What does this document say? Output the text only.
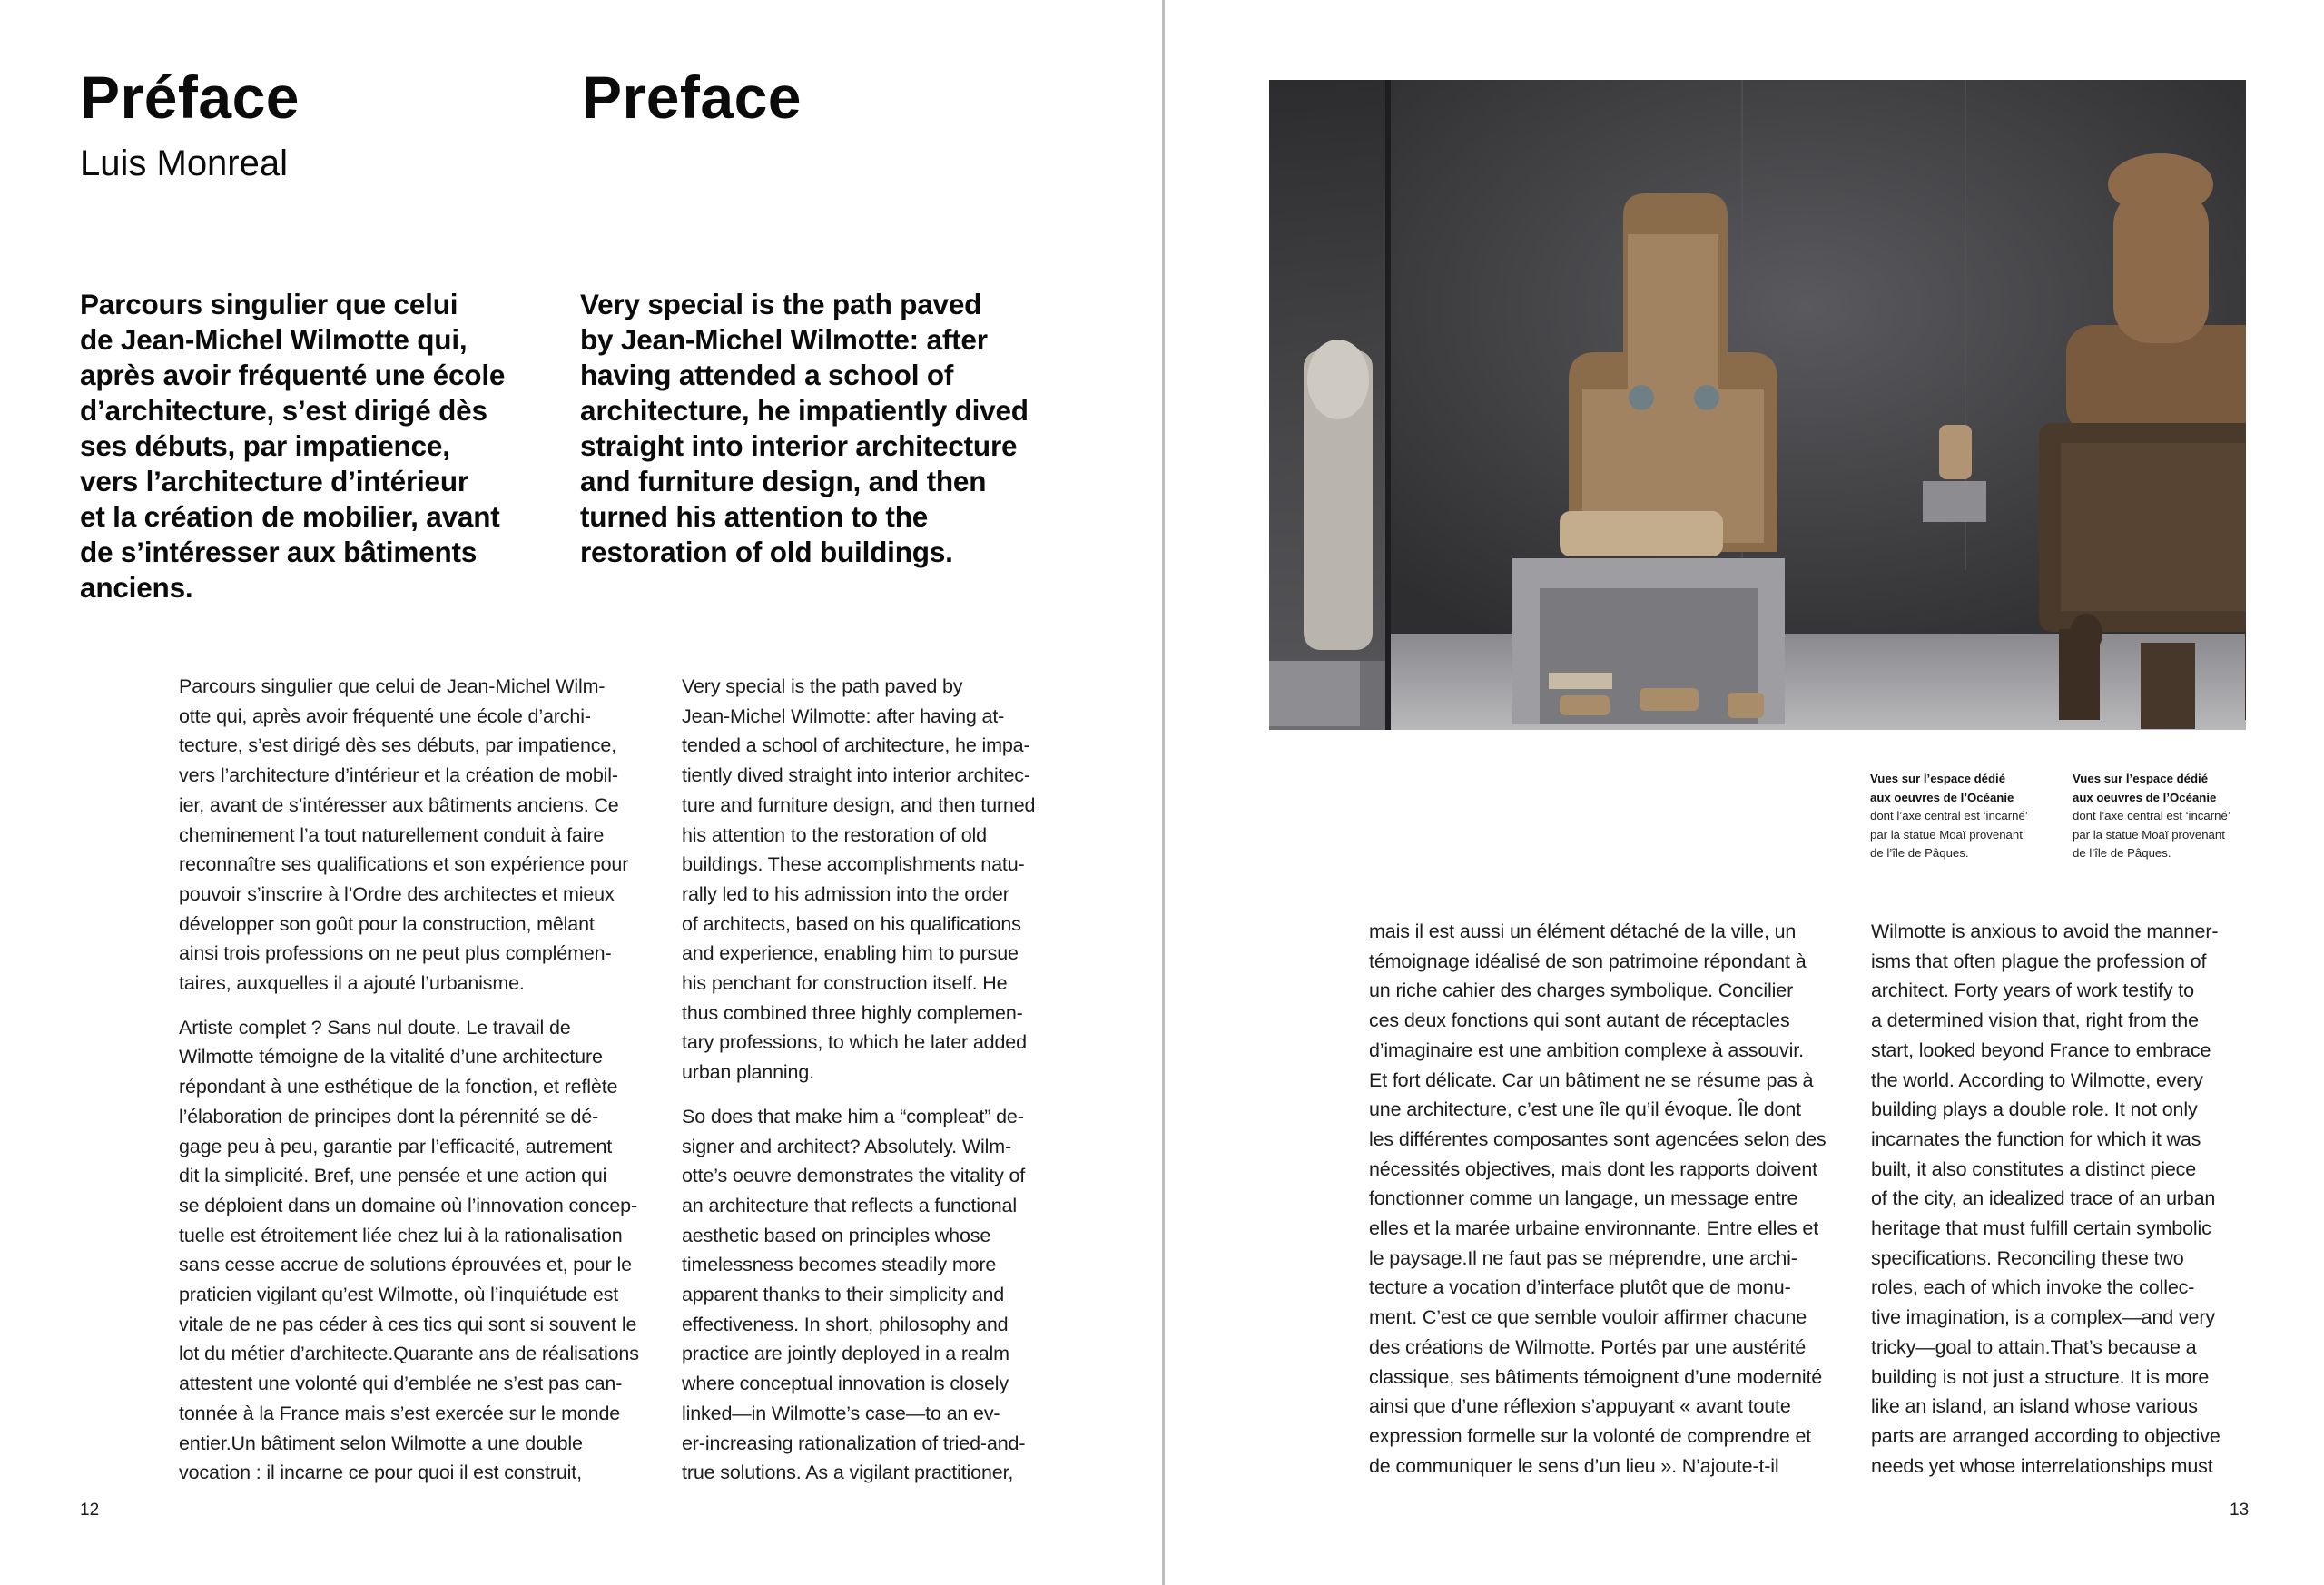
Préface	Preface
Luis Monreal
Parcours singulier que celui
de Jean-Michel Wilmotte qui,
après avoir fréquenté une école
d’architecture, s’est dirigé dès
ses débuts, par impatience,
vers l’architecture d’intérieur
et la création de mobilier, avant
de s’intéresser aux bâtiments
anciens.
Very special is the path paved
by Jean-Michel Wilmotte: after
having attended a school of
architecture, he impatiently dived
straight into interior architecture
and furniture design, and then
turned his attention to the
restoration of old buildings.

Parcours singulier que celui de Jean-Michel Wilm-
otte qui, après avoir fréquenté une école d’archi-
tecture, s’est dirigé dès ses débuts, par impatience,
vers l’architecture d’intérieur et la création de mobil-
ier, avant de s’intéresser aux bâtiments anciens. Ce
cheminement l’a tout naturellement conduit à faire
reconnaître ses qualifications et son expérience pour
pouvoir s’inscrire à l’Ordre des architectes et mieux
développer son goût pour la construction, mêlant
ainsi trois professions on ne peut plus complémen-
taires, auxquelles il a ajouté l’urbanisme.

Artiste complet ? Sans nul doute. Le travail de
Wilmotte témoigne de la vitalité d’une architecture
répondant à une esthétique de la fonction, et reflète
l’élaboration de principes dont la pérennité se dé-
gage peu à peu, garantie par l’efficacité, autrement
dit la simplicité. Bref, une pensée et une action qui
se déploient dans un domaine où l’innovation concep-
tuelle est étroitement liée chez lui à la rationalisation
sans cesse accrue de solutions éprouvées et, pour le
praticien vigilant qu’est Wilmotte, où l’inquiétude est
vitale de ne pas céder à ces tics qui sont si souvent le
lot du métier d’architecte.Quarante ans de réalisations
attestent une volonté qui d’emblée ne s’est pas can-
tonnée à la France mais s’est exercée sur le monde
entier.Un bâtiment selon Wilmotte a une double
vocation : il incarne ce pour quoi il est construit,

Very special is the path paved by
Jean-Michel Wilmotte: after having at-
tended a school of architecture, he impa-
tiently dived straight into interior architec-
ture and furniture design, and then turned
his attention to the restoration of old
buildings. These accomplishments natu-
rally led to his admission into the order
of architects, based on his qualifications
and experience, enabling him to pursue
his penchant for construction itself. He
thus combined three highly complemen-
tary professions, to which he later added
urban planning.

So does that make him a “compleat” de-
signer and architect? Absolutely. Wilm-
otte’s oeuvre demonstrates the vitality of
an architecture that reflects a functional
aesthetic based on principles whose
timelessness becomes steadily more
apparent thanks to their simplicity and
effectiveness. In short, philosophy and
practice are jointly deployed in a realm
where conceptual innovation is closely
linked—in Wilmotte’s case—to an ev-
er-increasing rationalization of tried-and-
true solutions. As a vigilant practitioner,

12
Vues sur l’espace dédié
aux oeuvres de l’Océanie
dont l’axe central est ‘incarné’
par la statue Moaï provenant
de l’île de Pâques.
Vues sur l’espace dédié
aux oeuvres de l’Océanie
dont l’axe central est ‘incarné’
par la statue Moaï provenant
de l’île de Pâques.

mais il est aussi un élément détaché de la ville, un
témoignage idéalisé de son patrimoine répondant à
un riche cahier des charges symbolique. Concilier
ces deux fonctions qui sont autant de réceptacles
d’imaginaire est une ambition complexe à assouvir.
Et fort délicate. Car un bâtiment ne se résume pas à
une architecture, c’est une île qu’il évoque. Île dont
les différentes composantes sont agencées selon des
nécessités objectives, mais dont les rapports doivent
fonctionner comme un langage, un message entre
elles et la marée urbaine environnante. Entre elles et
le paysage.Il ne faut pas se méprendre, une archi-
tecture a vocation d’interface plutôt que de monu-
ment. C’est ce que semble vouloir affirmer chacune
des créations de Wilmotte. Portés par une austérité
classique, ses bâtiments témoignent d’une modernité
ainsi que d’une réflexion s’appuyant « avant toute
expression formelle sur la volonté de comprendre et
de communiquer le sens d’un lieu ». N’ajoute-t-il

Wilmotte is anxious to avoid the manner-
isms that often plague the profession of
architect. Forty years of work testify to
a determined vision that, right from the
start, looked beyond France to embrace
the world. According to Wilmotte, every
building plays a double role. It not only
incarnates the function for which it was
built, it also constitutes a distinct piece
of the city, an idealized trace of an urban
heritage that must fulfill certain symbolic
specifications. Reconciling these two
roles, each of which invoke the collec-
tive imagination, is a complex—and very
tricky—goal to attain.That’s because a
building is not just a structure. It is more
like an island, an island whose various
parts are arranged according to objective
needs yet whose interrelationships must

13
